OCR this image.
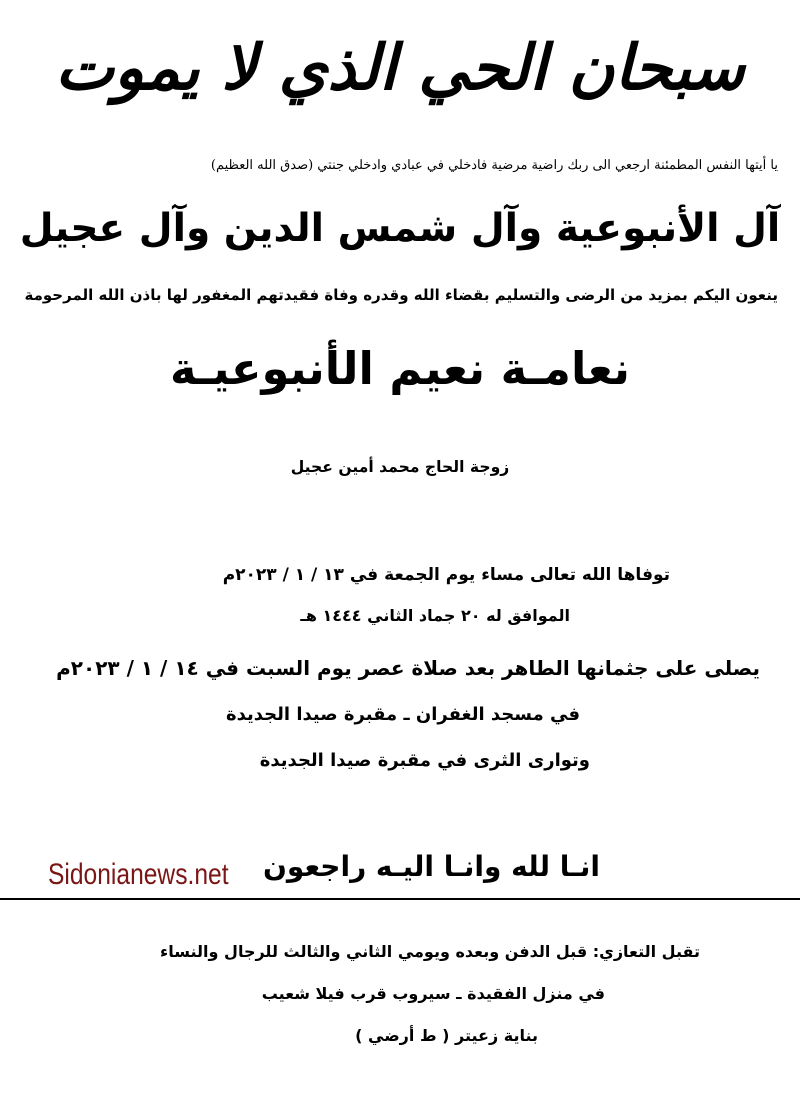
سبحان الحي الذي لا يموت
يا أيتها النفس المطمئنة ارجعي الى ربك راضية مرضية فادخلي في عبادي وادخلي جنتي (صدق الله العظيم)
آل الأنبوعية وآل شمس الدين وآل عجيل
ينعون اليكم بمزيد من الرضى والتسليم بقضاء الله وقدره وفاة فقيدتهم المغفور لها باذن الله المرحومة
نعامـة نعيم الأنبوعيـة
زوجة الحاج محمد أمين عجيل
توفاها الله تعالى مساء يوم الجمعة في ١٣ / ١ / ٢٠٢٣م
الموافق له ٢٠ جماد الثاني ١٤٤٤ هـ
يصلى على جثمانها الطاهر بعد صلاة عصر يوم السبت في ١٤ / ١ / ٢٠٢٣م
في مسجد الغفران ـ مقبرة صيدا الجديدة
وتوارى الثرى في مقبرة صيدا الجديدة
انـا لله وانـا اليـه راجعون
Sidonianews.net
تقبل التعازي: قبل الدفن وبعده ويومي الثاني والثالث للرجال والنساء
في منزل الفقيدة ـ سيروب قرب فيلا شعيب
بناية زعيتر ( ط أرضي )
